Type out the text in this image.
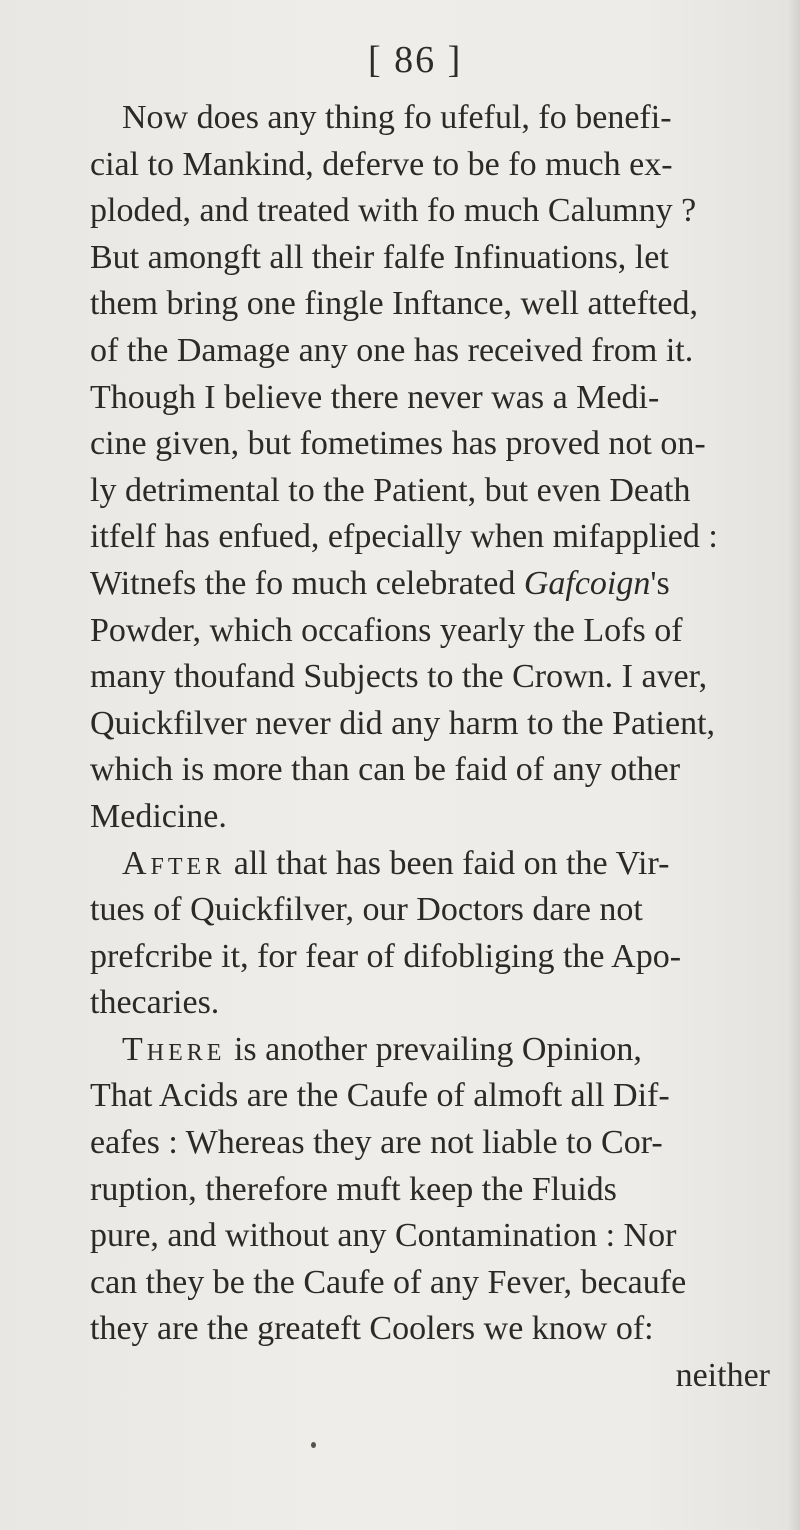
[ 86 ]
Now does any thing fo ufeful, fo benefi-
cial to Mankind, deferve to be fo much ex-
ploded, and treated with fo much Calumny ?
But amongft all their falfe Infinuations, let
them bring one fingle Inftance, well attefted,
of the Damage any one has received from it.
Though I believe there never was a Medi-
cine given, but fometimes has proved not on-
ly detrimental to the Patient, but even Death
itfelf has enfued, efpecially when mifapplied :
Witnefs the fo much celebrated Gafcoign's
Powder, which occafions yearly the Lofs of
many thoufand Subjects to the Crown. I aver,
Quickfilver never did any harm to the Patient,
which is more than can be faid of any other
Medicine.
After all that has been faid on the Vir-
tues of Quickfilver, our Doctors dare not
prefcribe it, for fear of difobliging the Apo-
thecaries.
There is another prevailing Opinion,
That Acids are the Caufe of almoft all Dif-
eafes : Whereas they are not liable to Cor-
ruption, therefore muft keep the Fluids
pure, and without any Contamination : Nor
can they be the Caufe of any Fever, becaufe
they are the greateft Coolers we know of:
neither
